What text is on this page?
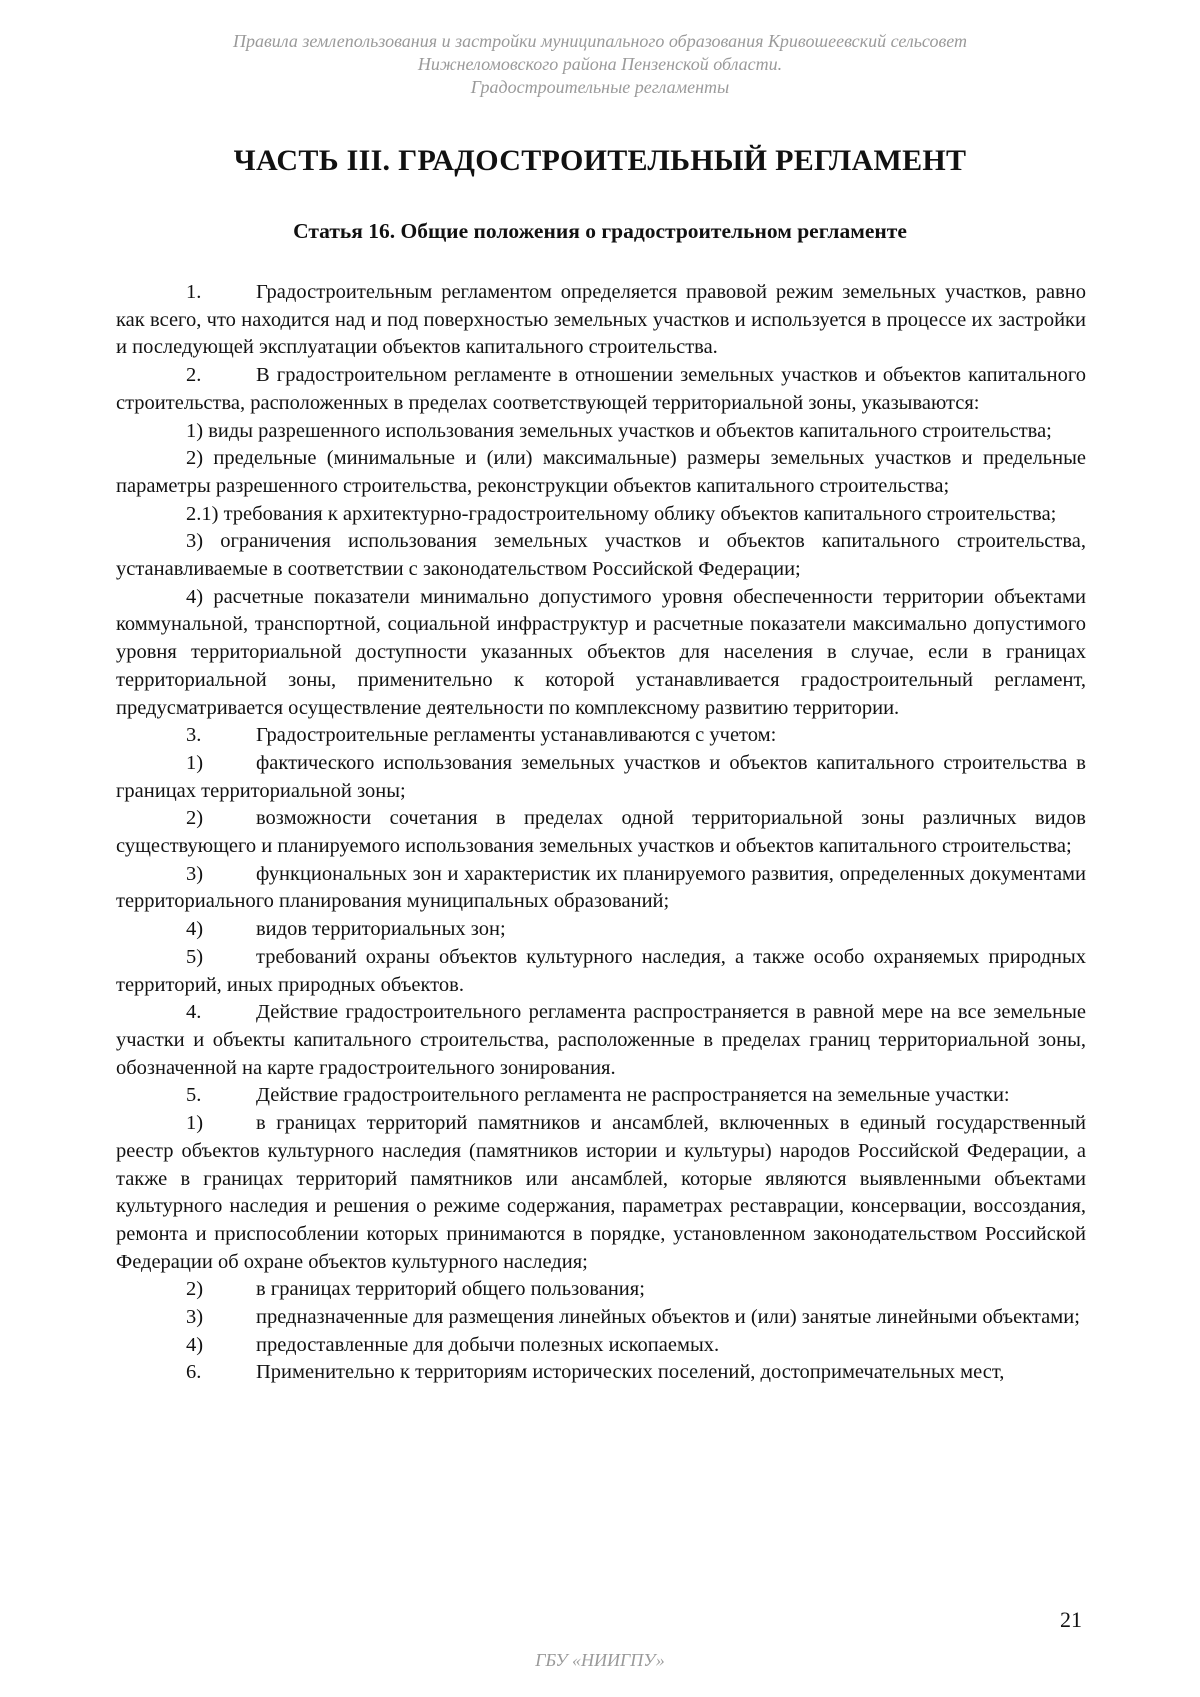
Правила землепользования и застройки муниципального образования Кривошеевский сельсовет
Нижнеломовского района Пензенской области.
Градостроительные регламенты
ЧАСТЬ III. ГРАДОСТРОИТЕЛЬНЫЙ РЕГЛАМЕНТ
Статья 16. Общие положения о градостроительном регламенте

1.	Градостроительным регламентом определяется правовой режим земельных участков, равно как всего, что находится над и под поверхностью земельных участков и используется в процессе их застройки и последующей эксплуатации объектов капитального строительства.

2.	В градостроительном регламенте в отношении земельных участков и объектов капитального строительства, расположенных в пределах соответствующей территориальной зоны, указываются:

1) виды разрешенного использования земельных участков и объектов капитального строительства;

2) предельные (минимальные и (или) максимальные) размеры земельных участков и предельные параметры разрешенного строительства, реконструкции объектов капитального строительства;

2.1) требования к архитектурно-градостроительному облику объектов капитального строительства;

3) ограничения использования земельных участков и объектов капитального строительства, устанавливаемые в соответствии с законодательством Российской Федерации;

4) расчетные показатели минимально допустимого уровня обеспеченности территории объектами коммунальной, транспортной, социальной инфраструктур и расчетные показатели максимально допустимого уровня территориальной доступности указанных объектов для населения в случае, если в границах территориальной зоны, применительно к которой устанавливается градостроительный регламент, предусматривается осуществление деятельности по комплексному развитию территории.

3.	Градостроительные регламенты устанавливаются с учетом:

1)	фактического использования земельных участков и объектов капитального строительства в границах территориальной зоны;

2)	возможности сочетания в пределах одной территориальной зоны различных видов существующего и планируемого использования земельных участков и объектов капитального строительства;

3)	функциональных зон и характеристик их планируемого развития, определенных документами территориального планирования муниципальных образований;

4)	видов территориальных зон;

5)	требований охраны объектов культурного наследия, а также особо охраняемых природных территорий, иных природных объектов.

4.	Действие градостроительного регламента распространяется в равной мере на все земельные участки и объекты капитального строительства, расположенные в пределах границ территориальной зоны, обозначенной на карте градостроительного зонирования.

5.	Действие градостроительного регламента не распространяется на земельные участки:

1)	в границах территорий памятников и ансамблей, включенных в единый государственный реестр объектов культурного наследия (памятников истории и культуры) народов Российской Федерации, а также в границах территорий памятников или ансамблей, которые являются выявленными объектами культурного наследия и решения о режиме содержания, параметрах реставрации, консервации, воссоздания, ремонта и приспособлении которых принимаются в порядке, установленном законодательством Российской Федерации об охране объектов культурного наследия;

2)	в границах территорий общего пользования;

3)	предназначенные для размещения линейных объектов и (или) занятые линейными объектами;

4)	предоставленные для добычи полезных ископаемых.

6.	Применительно к территориям исторических поселений, достопримечательных мест,

21
ГБУ «НИИГПУ»
